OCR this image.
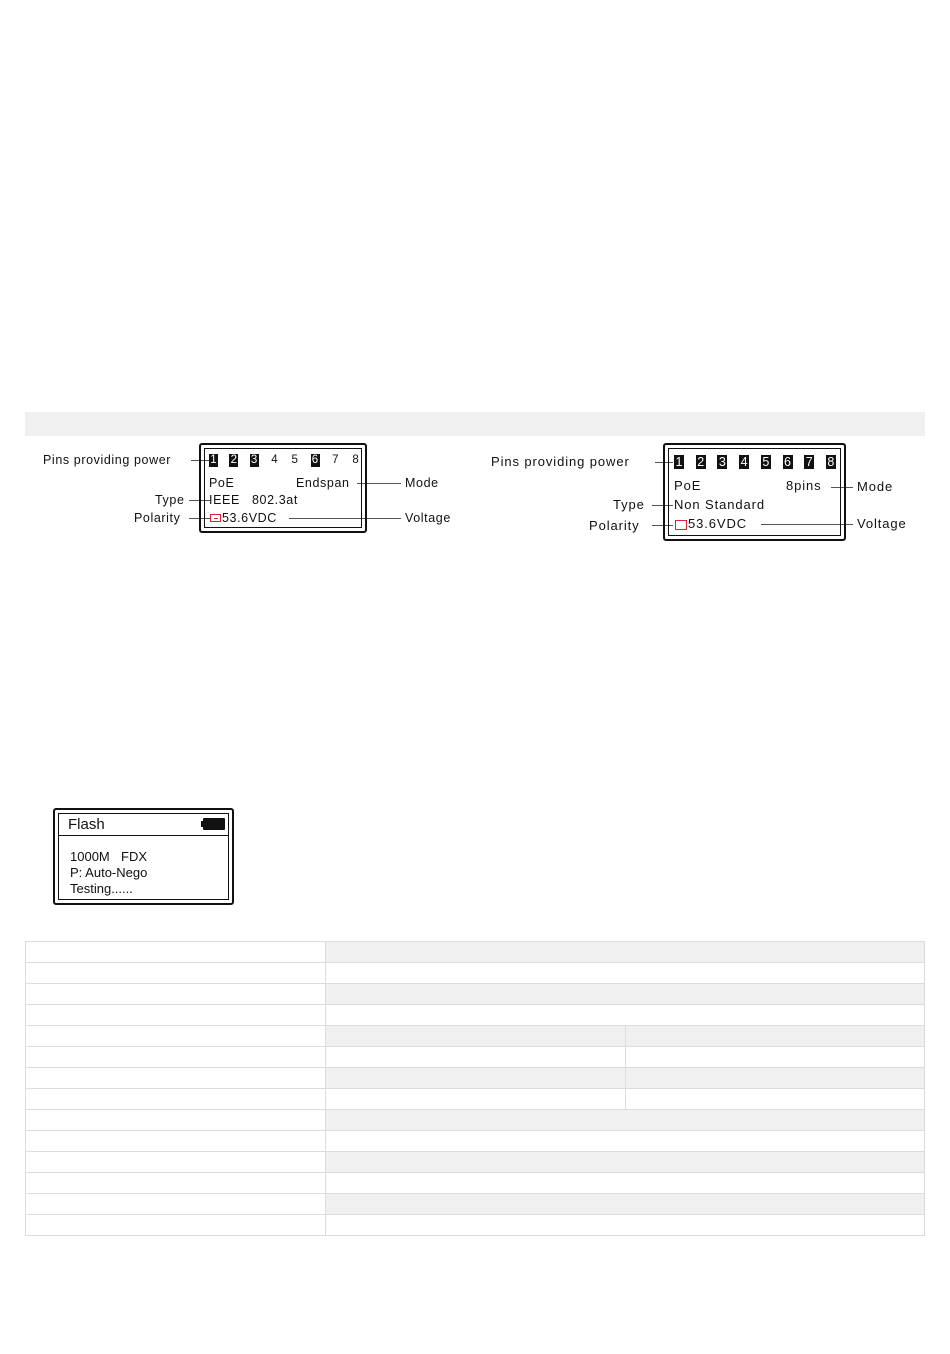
Pins providing power
Type
Polarity
Mode
Voltage
1 2 3 4 5 6 7 8
PoE	Endspan
IEEE 802.3at
53.6VDC
Pins providing power
Type
Polarity
Mode
Voltage
1 2 3 4 5 6 7 8
PoE	8pins
Non Standard
53.6VDC
Flash
1000M FDX
P: Auto-Nego
Testing......
